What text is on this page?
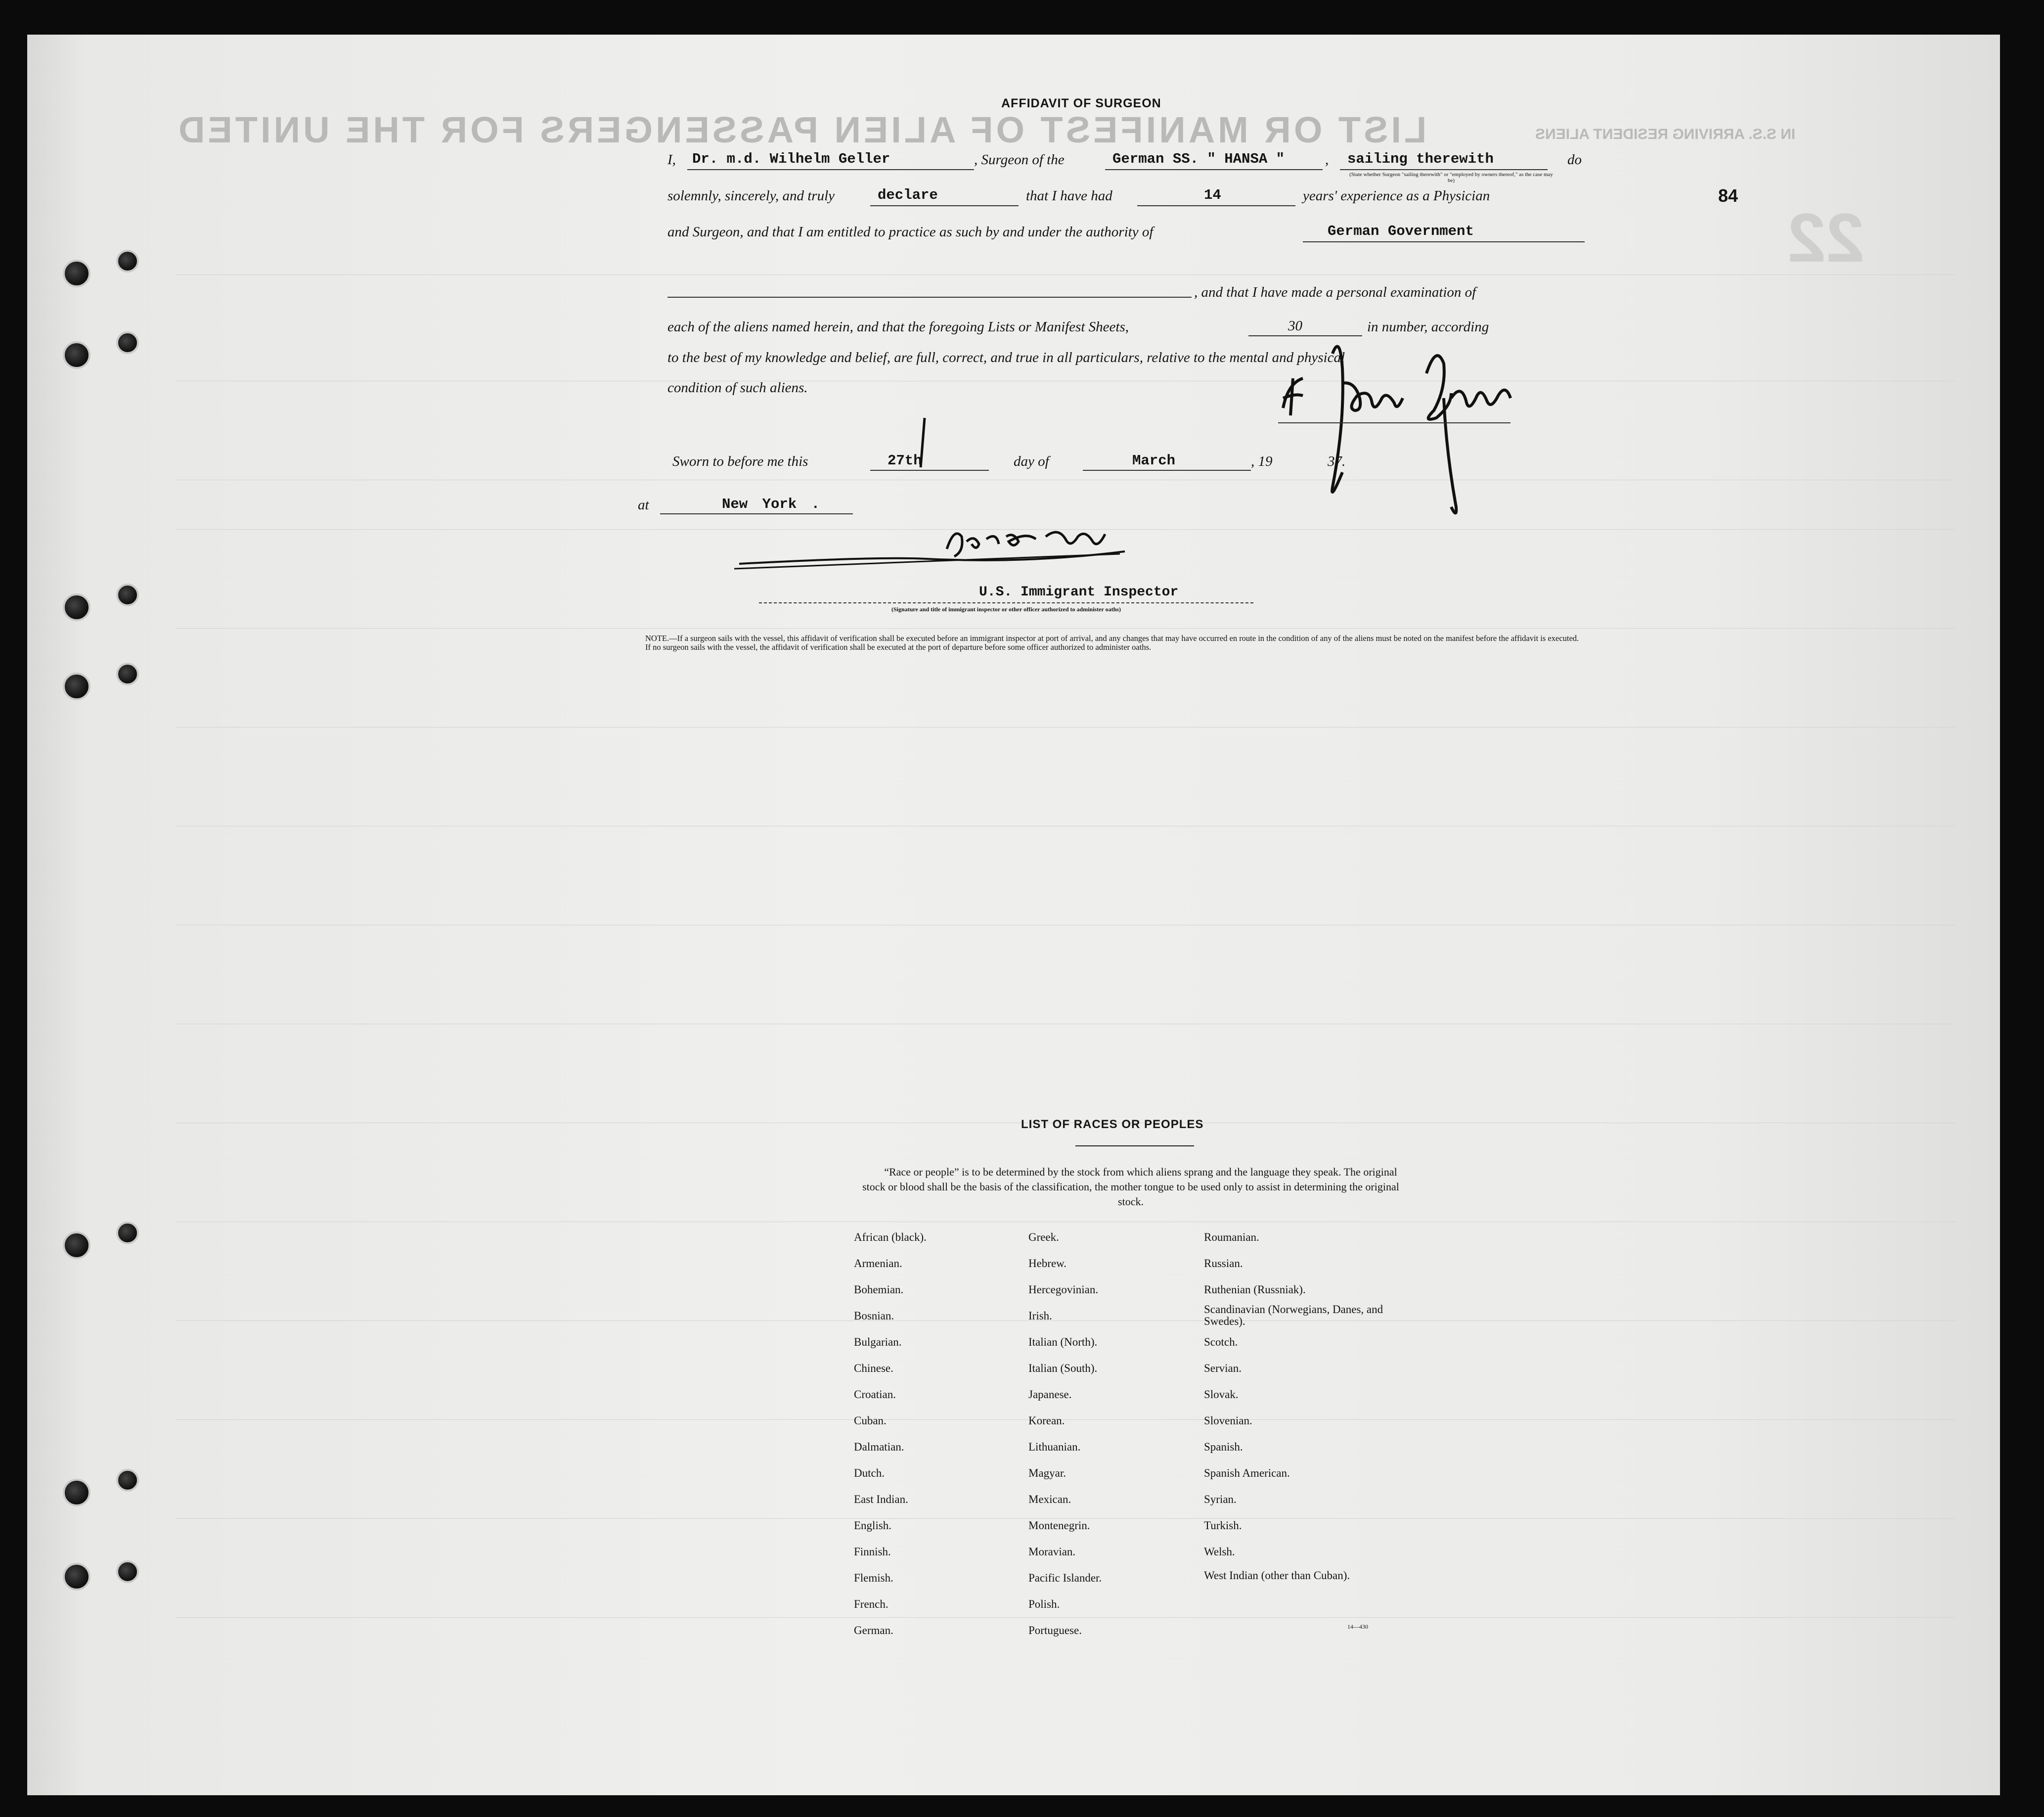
LIST OR MANIFEST OF ALIEN PASSENGERS FOR THE UNITED	IN S.S. ARRIVING RESIDENT ALIENS
22
84
AFFIDAVIT OF SURGEON
I, Dr. m.d. Wilhelm Geller	, Surgeon of the	German SS. " HANSA "	, sailing therewith
(State whether Surgeon "sailing therewith" or "employed by owners thereof," as the case may be)
do
solemnly, sincerely, and truly	declare	that I have had	14	years' experience as a Physician
and Surgeon, and that I am entitled to practice as such by and under the authority of	German Government
, and that I have made a personal examination of
each of the aliens named herein, and that the foregoing Lists or Manifest Sheets,	30	in number, according
to the best of my knowledge and belief, are full, correct, and true in all particulars, relative to the mental and physical
condition of such aliens.
Sworn to before me this	27th	day of	March	, 19	37.
at	New York .
U.S. Immigrant Inspector
(Signature and title of immigrant inspector or other officer authorized to administer oaths)
NOTE.—If a surgeon sails with the vessel, this affidavit of verification shall be executed before an immigrant inspector at port of arrival, and any changes that may have occurred en route in the condition of any of the aliens must be noted on the manifest before the affidavit is executed.
If no surgeon sails with the vessel, the affidavit of verification shall be executed at the port of departure before some officer authorized to administer oaths.
LIST OF RACES OR PEOPLES
“Race or people” is to be determined by the stock from which aliens sprang and the language they speak. The original stock or blood shall be the basis of the classification, the mother tongue to be used only to assist in determining the original stock.
African (black).
Armenian.
Bohemian.
Bosnian.
Bulgarian.
Chinese.
Croatian.
Cuban.
Dalmatian.
Dutch.
East Indian.
English.
Finnish.
Flemish.
French.
German.
Greek.
Hebrew.
Hercegovinian.
Irish.
Italian (North).
Italian (South).
Japanese.
Korean.
Lithuanian.
Magyar.
Mexican.
Montenegrin.
Moravian.
Pacific Islander.
Polish.
Portuguese.
Roumanian.
Russian.
Ruthenian (Russniak).
Scandinavian (Norwegians, Danes, and Swedes).
Scotch.
Servian.
Slovak.
Slovenian.
Spanish.
Spanish American.
Syrian.
Turkish.
Welsh.
West Indian (other than Cuban).
14—430
